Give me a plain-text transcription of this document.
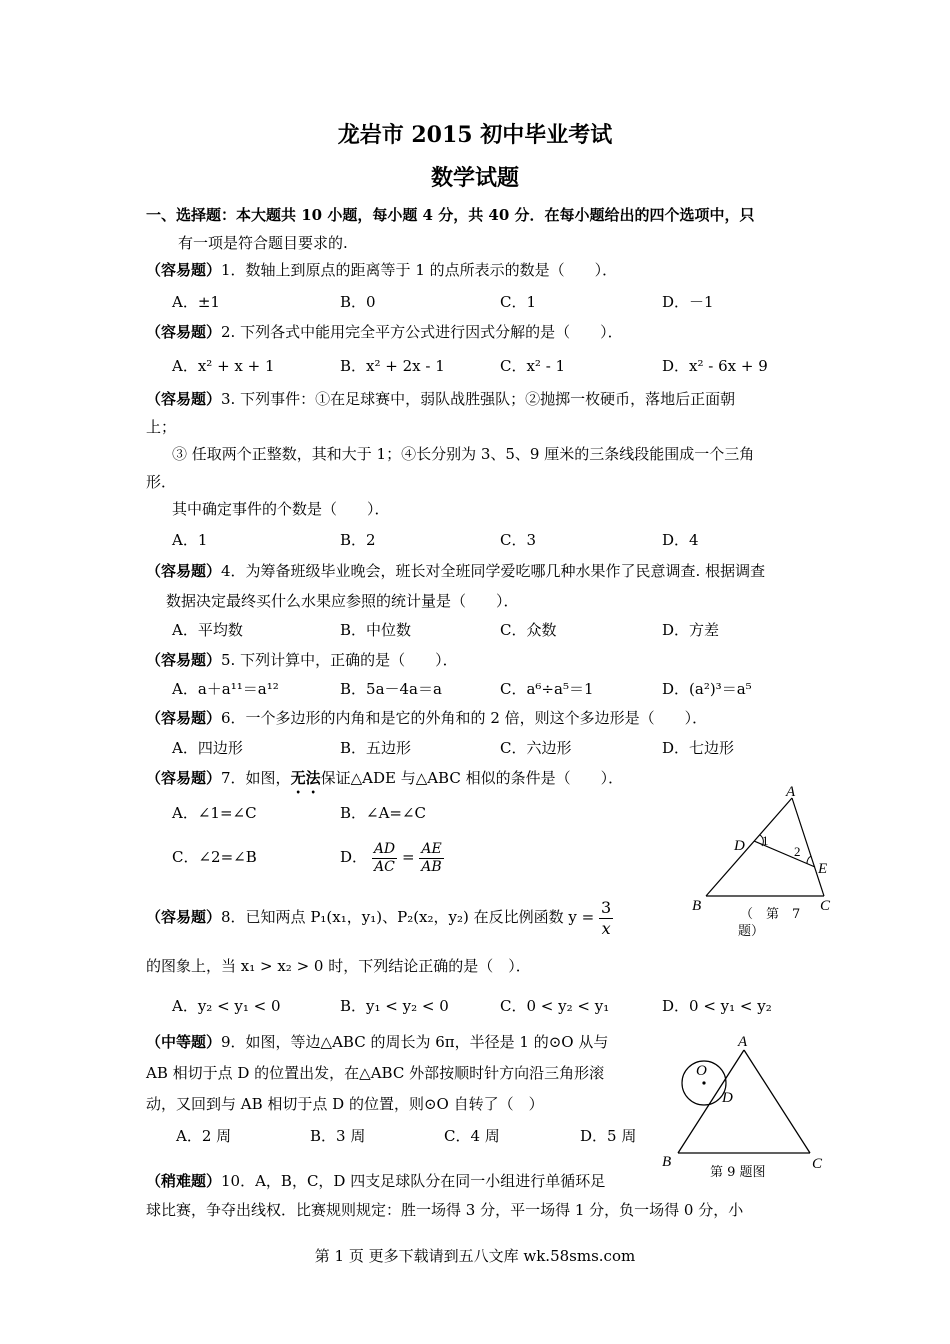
龙岩市 2015 初中毕业考试
数学试题
一、选择题：本大题共 10 小题，每小题 4 分，共 40 分．在每小题给出的四个选项中，只
有一项是符合题目要求的.
（容易题）1．数轴上到原点的距离等于 1 的点所表示的数是（　　）．
A．±1	B．0	C．1	D．－1
（容易题）2. 下列各式中能用完全平方公式进行因式分解的是（　　）．
A．x² + x + 1	B．x² + 2x - 1	C．x² - 1	D．x² - 6x + 9
（容易题）3. 下列事件：①在足球赛中，弱队战胜强队；②抛掷一枚硬币，落地后正面朝
上；
③ 任取两个正整数，其和大于 1；④长分别为 3、5、9 厘米的三条线段能围成一个三角
形．
其中确定事件的个数是（　　）．
A．1	B．2	C．3	D．4
（容易题）4．为筹备班级毕业晚会，班长对全班同学爱吃哪几种水果作了民意调查. 根据调查
数据决定最终买什么水果应参照的统计量是（　　）．
A．平均数	B．中位数	C．众数	D．方差
（容易题）5. 下列计算中，正确的是（　　）．
A．a＋a¹¹＝a¹²	B．5a－4a＝a	C．a⁶÷a⁵＝1	D．(a²)³＝a⁵
（容易题）6．一个多边形的内角和是它的外角和的 2 倍，则这个多边形是（　　）．
A．四边形	B．五边形	C．六边形	D．七边形
（容易题）7．如图，无法保证△ADE 与△ABC 相似的条件是（　　）．
A．∠1=∠C	B．∠A=∠C
C．∠2=∠B	D． $\frac{AD}{AC} = \frac{AE}{AB}$
A
D 1
2
E
B	C
（　第　7
题）
（容易题）8．已知两点 P₁(x₁，y₁)、P₂(x₂，y₂) 在反比例函数 $y = \frac{3}{x}$
的图象上，当 x₁ > x₂ > 0 时，下列结论正确的是（　）．
A．y₂ < y₁ < 0	B．y₁ < y₂ < 0	C．0 < y₂ < y₁	D．0 < y₁ < y₂
（中等题）9．如图，等边△ABC 的周长为 6π，半径是 1 的⊙O 从与
AB 相切于点 D 的位置出发，在△ABC 外部按顺时针方向沿三角形滚
动，又回到与 AB 相切于点 D 的位置，则⊙O 自转了（　）
A．2 周	B．3 周	C．4 周	D．5 周
A
O
D
B	C
第 9 题图
（稍难题）10．A，B，C，D 四支足球队分在同一小组进行单循环足
球比赛，争夺出线权．比赛规则规定：胜一场得 3 分，平一场得 1 分，负一场得 0 分，小
第 1 页 更多下载请到五八文库 wk.58sms.com
